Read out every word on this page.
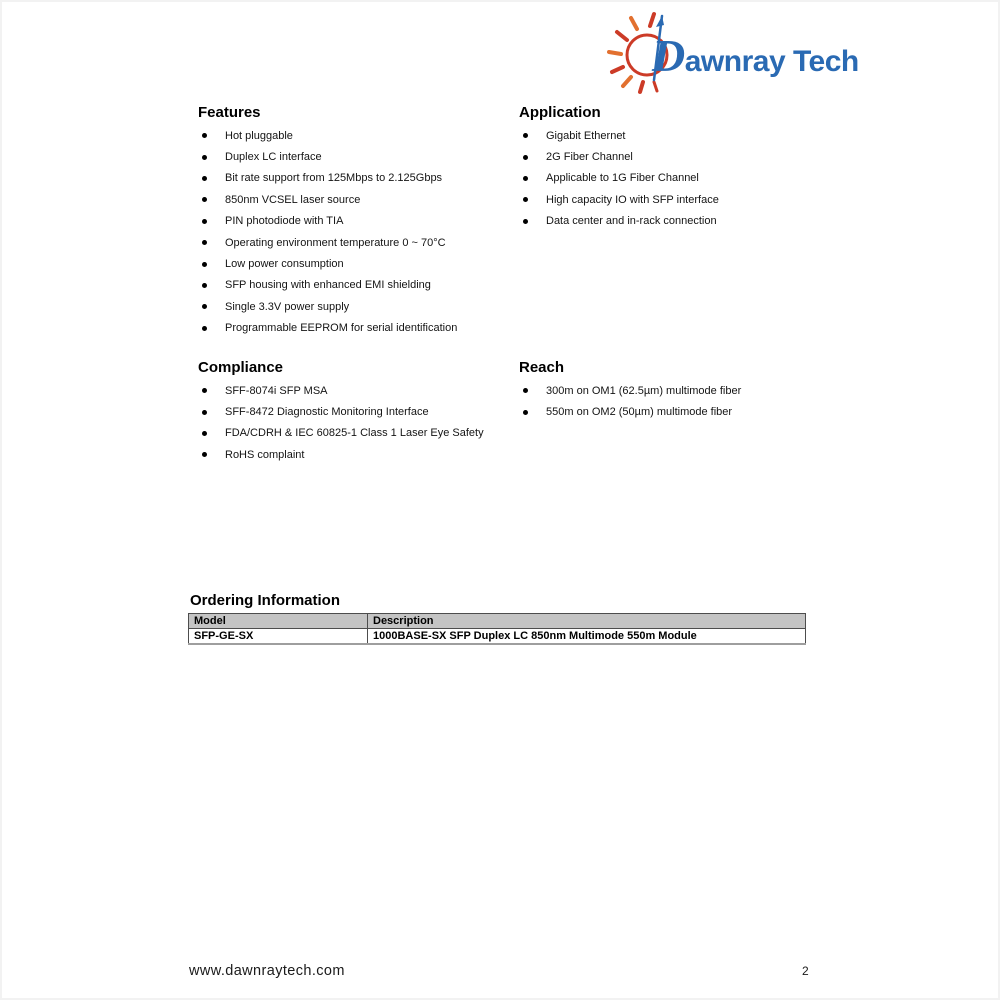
Dawnray Tech
Features
Hot pluggable
Duplex LC interface
Bit rate support from 125Mbps to 2.125Gbps
850nm VCSEL laser source
PIN photodiode with TIA
Operating environment temperature 0 ~ 70°C
Low power consumption
SFP housing with enhanced EMI shielding
Single 3.3V power supply
Programmable EEPROM for serial identification
Application
Gigabit Ethernet
2G Fiber Channel
Applicable to 1G Fiber Channel
High capacity IO with SFP interface
Data center and in-rack connection
Compliance
SFF-8074i SFP MSA
SFF-8472 Diagnostic Monitoring Interface
FDA/CDRH & IEC 60825-1 Class 1 Laser Eye Safety
RoHS complaint
Reach
300m on OM1 (62.5µm) multimode fiber
550m on OM2 (50µm) multimode fiber
Ordering Information
Model	Description
SFP-GE-SX	1000BASE-SX SFP Duplex LC 850nm Multimode 550m Module
www.dawnraytech.com	2
